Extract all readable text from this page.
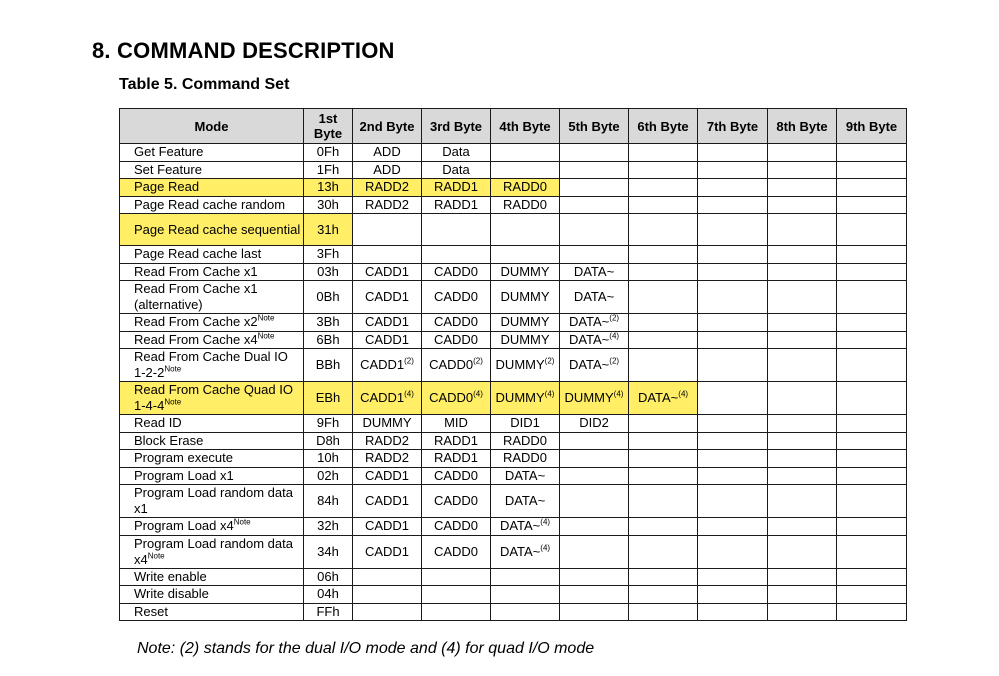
8. COMMAND DESCRIPTION
Table 5. Command Set
Mode	1st Byte	2nd Byte	3rd Byte	4th Byte	5th Byte	6th Byte	7th Byte	8th Byte	9th Byte
Get Feature	0Fh	ADD	Data						
Set Feature	1Fh	ADD	Data						
Page Read	13h	RADD2	RADD1	RADD0					
Page Read cache random	30h	RADD2	RADD1	RADD0					
Page Read cache sequential	31h								
Page Read cache last	3Fh								
Read From Cache x1	03h	CADD1	CADD0	DUMMY	DATA~				
Read From Cache x1 (alternative)	0Bh	CADD1	CADD0	DUMMY	DATA~				
Read From Cache $x2^{Note}$	3Bh	CADD1	CADD0	DUMMY	DATA~$^{(2)}$				
Read From Cache $x4^{Note}$	6Bh	CADD1	CADD0	DUMMY	DATA~$^{(4)}$				
Read From Cache Dual IO $1-2-2^{Note}$	BBh	CADD1$^{(2)}$	CADD0$^{(2)}$	DUMMY$^{(2)}$	DATA~$^{(2)}$				
Read From Cache Quad IO $1-4-4^{Note}$	EBh	CADD1$^{(4)}$	CADD0$^{(4)}$	DUMMY$^{(4)}$	DUMMY$^{(4)}$	DATA~$^{(4)}$			
Read ID	9Fh	DUMMY	MID	DID1	DID2				
Block Erase	D8h	RADD2	RADD1	RADD0					
Program execute	10h	RADD2	RADD1	RADD0					
Program Load x1	02h	CADD1	CADD0	DATA~					
Program Load random data x1	84h	CADD1	CADD0	DATA~					
Program Load $x4^{Note}$	32h	CADD1	CADD0	DATA~$^{(4)}$					
Program Load random data $x4^{Note}$	34h	CADD1	CADD0	DATA~$^{(4)}$					
Write enable	06h								
Write disable	04h								
Reset	FFh								
Note: (2) stands for the dual I/O mode and (4) for quad I/O mode
